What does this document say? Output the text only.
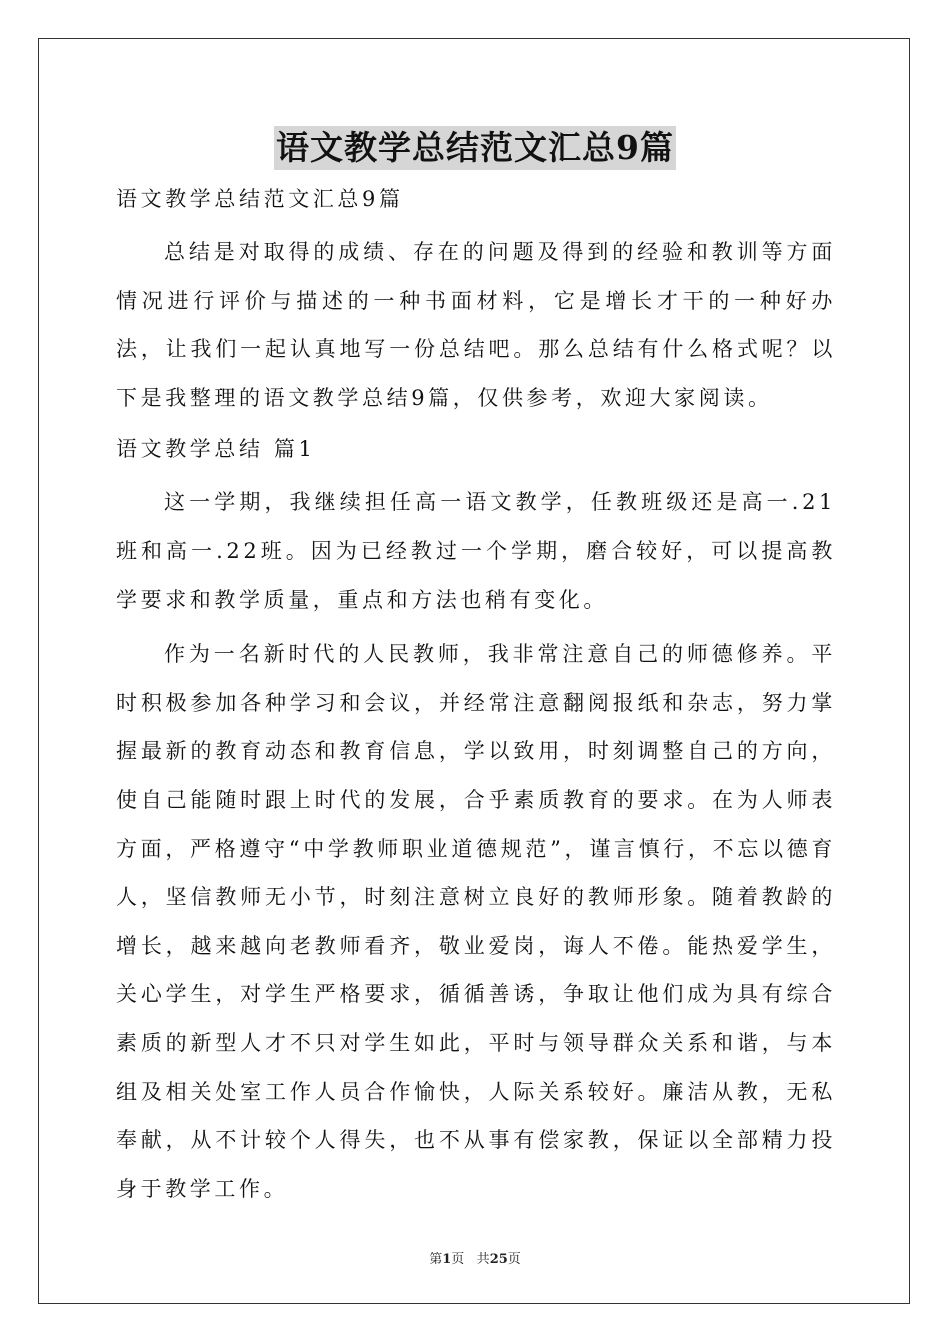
语文教学总结范文汇总9篇

语文教学总结范文汇总9篇

总结是对取得的成绩、存在的问题及得到的经验和教训等方面情况进行评价与描述的一种书面材料，它是增长才干的一种好办法，让我们一起认真地写一份总结吧。那么总结有什么格式呢？以下是我整理的语文教学总结9篇，仅供参考，欢迎大家阅读。

语文教学总结 篇1

这一学期，我继续担任高一语文教学，任教班级还是高一.21班和高一.22班。因为已经教过一个学期，磨合较好，可以提高教学要求和教学质量，重点和方法也稍有变化。

作为一名新时代的人民教师，我非常注意自己的师德修养。平时积极参加各种学习和会议，并经常注意翻阅报纸和杂志，努力掌握最新的教育动态和教育信息，学以致用，时刻调整自己的方向，使自己能随时跟上时代的发展，合乎素质教育的要求。在为人师表方面，严格遵守“中学教师职业道德规范”，谨言慎行，不忘以德育人，坚信教师无小节，时刻注意树立良好的教师形象。随着教龄的增长，越来越向老教师看齐，敬业爱岗，诲人不倦。能热爱学生，关心学生，对学生严格要求，循循善诱，争取让他们成为具有综合素质的新型人才不只对学生如此，平时与领导群众关系和谐，与本组及相关处室工作人员合作愉快，人际关系较好。廉洁从教，无私奉献，从不计较个人得失，也不从事有偿家教，保证以全部精力投身于教学工作。

第1页 共25页
